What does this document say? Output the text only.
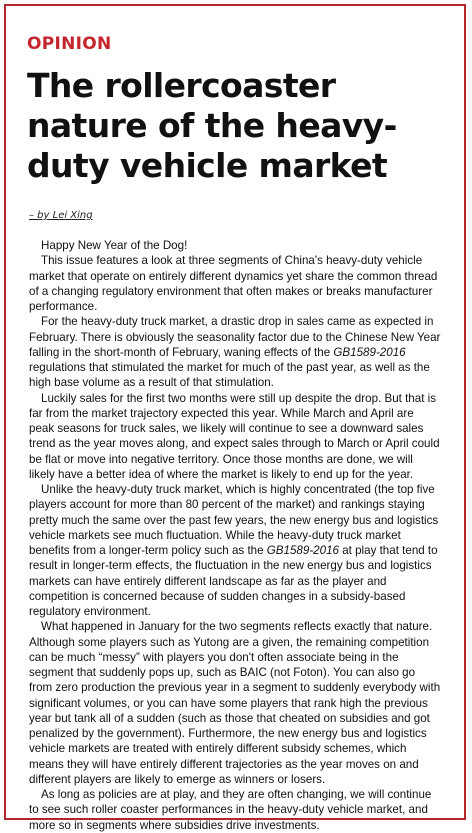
OPINION
The rollercoaster nature of the heavy-duty vehicle market
– by Lei Xing

Happy New Year of the Dog!

This issue features a look at three segments of China's heavy-duty vehicle market that operate on entirely different dynamics yet share the common thread of a changing regulatory environment that often makes or breaks manufacturer performance.

For the heavy-duty truck market, a drastic drop in sales came as expected in February. There is obviously the seasonality factor due to the Chinese New Year falling in the short-month of February, waning effects of the GB1589-2016 regulations that stimulated the market for much of the past year, as well as the high base volume as a result of that stimulation.

Luckily sales for the first two months were still up despite the drop. But that is far from the market trajectory expected this year. While March and April are peak seasons for truck sales, we likely will continue to see a downward sales trend as the year moves along, and expect sales through to March or April could be flat or move into negative territory. Once those months are done, we will likely have a better idea of where the market is likely to end up for the year.

Unlike the heavy-duty truck market, which is highly concentrated (the top five players account for more than 80 percent of the market) and rankings staying pretty much the same over the past few years, the new energy bus and logistics vehicle markets see much fluctuation. While the heavy-duty truck market benefits from a longer-term policy such as the GB1589-2016 at play that tend to result in longer-term effects, the fluctuation in the new energy bus and logistics markets can have entirely different landscape as far as the player and competition is concerned because of sudden changes in a subsidy-based regulatory environment.

What happened in January for the two segments reflects exactly that nature. Although some players such as Yutong are a given, the remaining competition can be much “messy” with players you don't often associate being in the segment that suddenly pops up, such as BAIC (not Foton). You can also go from zero production the previous year in a segment to suddenly everybody with significant volumes, or you can have some players that rank high the previous year but tank all of a sudden (such as those that cheated on subsidies and got penalized by the government). Furthermore, the new energy bus and logistics vehicle markets are treated with entirely different subsidy schemes, which means they will have entirely different trajectories as the year moves on and different players are likely to emerge as winners or losers.

As long as policies are at play, and they are often changing, we will continue to see such roller coaster performances in the heavy-duty vehicle market, and more so in segments where subsidies drive investments.
